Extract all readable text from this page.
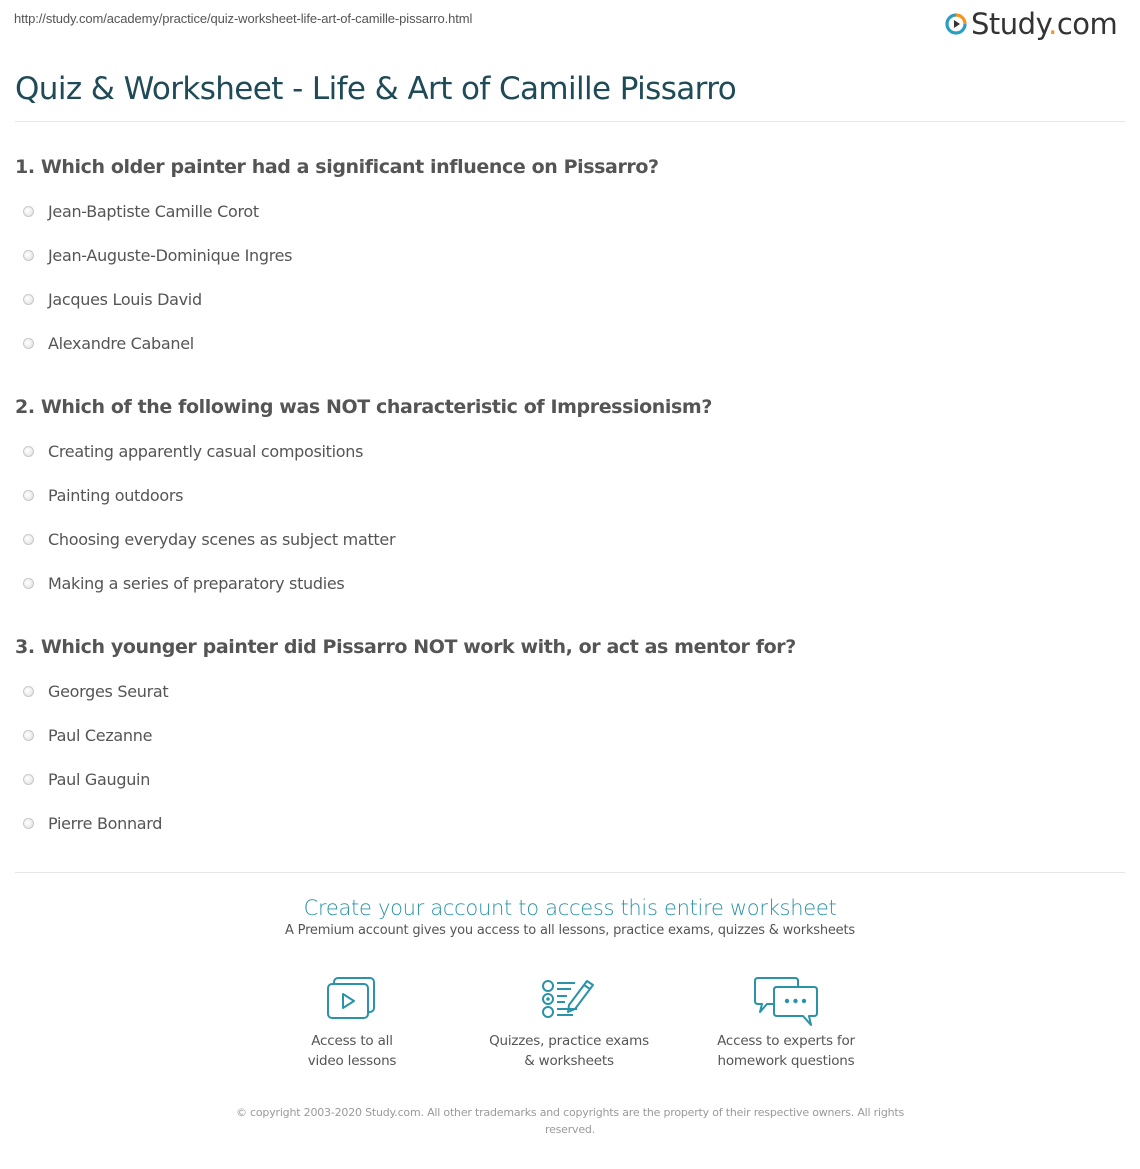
http://study.com/academy/practice/quiz-worksheet-life-art-of-camille-pissarro.html	Study.com
Quiz & Worksheet - Life & Art of Camille Pissarro

1. Which older painter had a significant influence on Pissarro?

Jean-Baptiste Camille Corot
Jean-Auguste-Dominique Ingres
Jacques Louis David
Alexandre Cabanel

2. Which of the following was NOT characteristic of Impressionism?

Creating apparently casual compositions
Painting outdoors
Choosing everyday scenes as subject matter
Making a series of preparatory studies

3. Which younger painter did Pissarro NOT work with, or act as mentor for?

Georges Seurat
Paul Cezanne
Paul Gauguin
Pierre Bonnard
Create your account to access this entire worksheet
A Premium account gives you access to all lessons, practice exams, quizzes & worksheets
Access to all
video lessons
Quizzes, practice exams
& worksheets
Access to experts for
homework questions
© copyright 2003-2020 Study.com. All other trademarks and copyrights are the property of their respective owners. All rights reserved.
